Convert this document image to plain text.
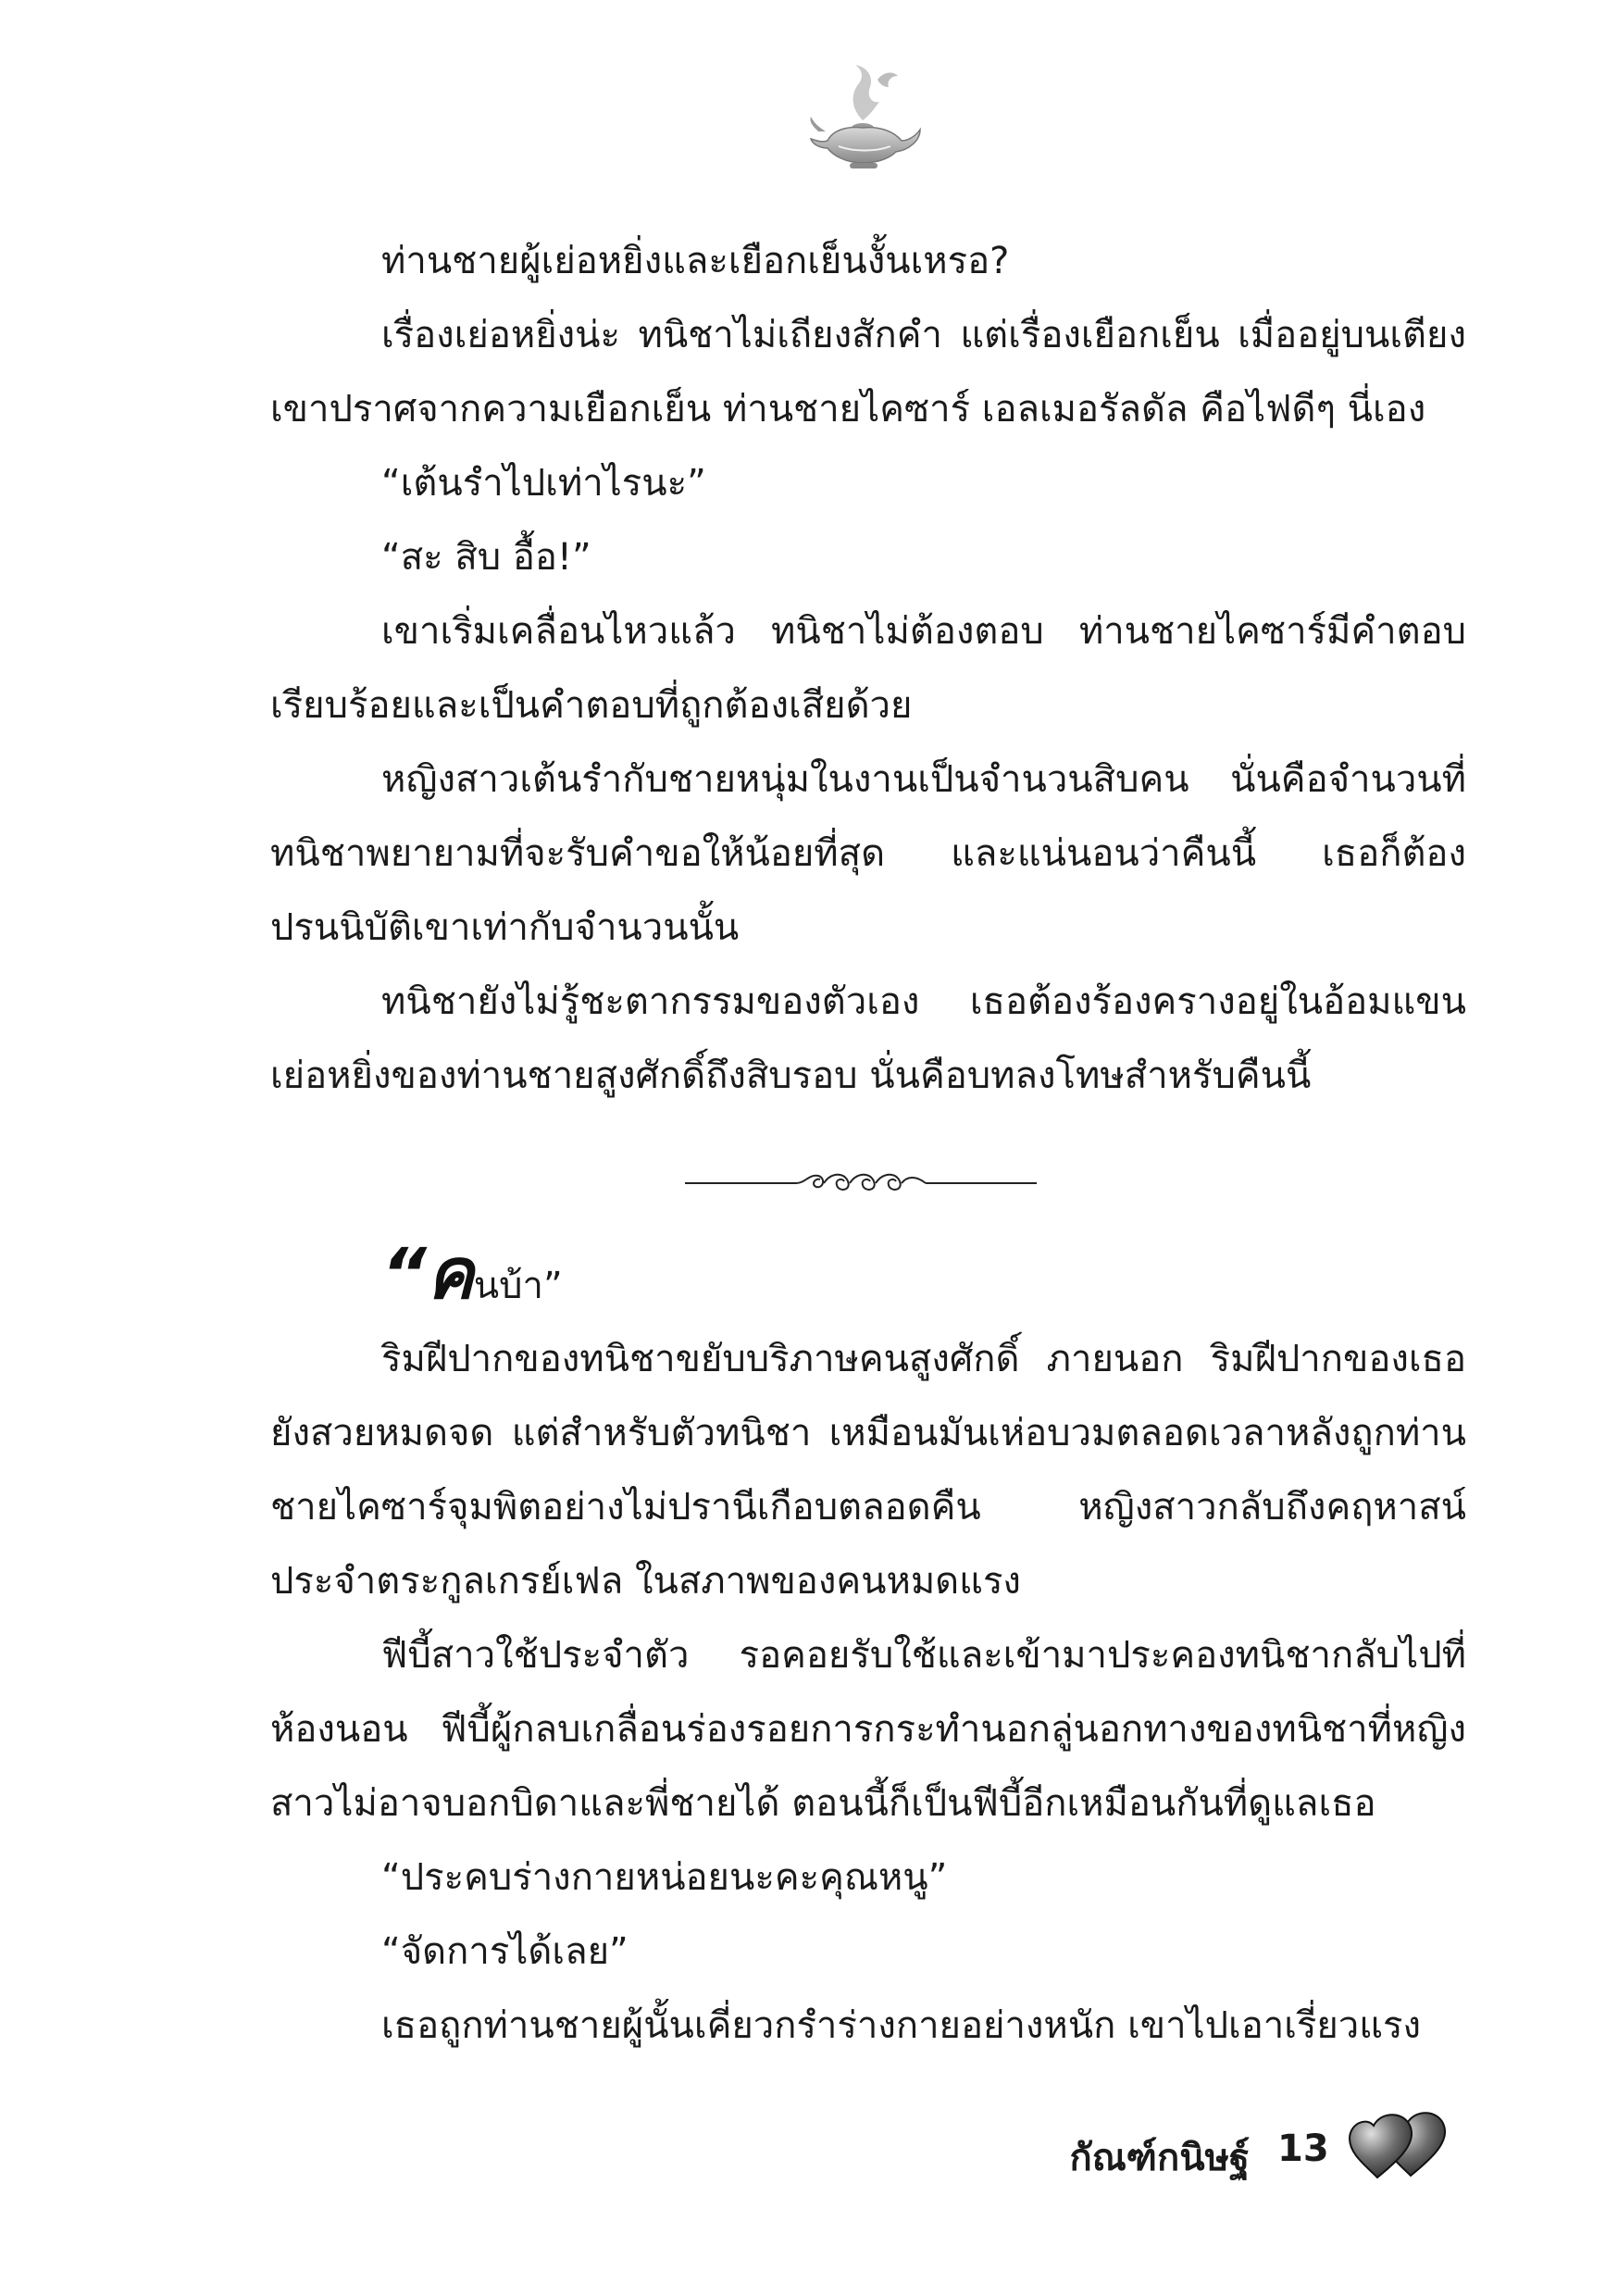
ท่านชายผู้เย่อหยิ่งและเยือกเย็นงั้นเหรอ?

เรื่องเย่อหยิ่งน่ะ ทนิชาไม่เถียงสักคำ แต่เรื่องเยือกเย็น เมื่ออยู่บนเตียง เขาปราศจากความเยือกเย็น ท่านชายไคซาร์ เอลเมอรัลดัล คือไฟดีๆ นี่เอง

“เต้นรำไปเท่าไรนะ”

“สะ สิบ อื้อ!”

เขาเริ่มเคลื่อนไหวแล้ว ทนิชาไม่ต้องตอบ ท่านชายไคซาร์มีคำตอบเรียบร้อยและเป็นคำตอบที่ถูกต้องเสียด้วย

หญิงสาวเต้นรำกับชายหนุ่มในงานเป็นจำนวนสิบคน นั่นคือจำนวนที่ทนิชาพยายามที่จะรับคำขอให้น้อยที่สุด และแน่นอนว่าคืนนี้ เธอก็ต้องปรนนิบัติเขาเท่ากับจำนวนนั้น

ทนิชายังไม่รู้ชะตากรรมของตัวเอง เธอต้องร้องครางอยู่ในอ้อมแขนเย่อหยิ่งของท่านชายสูงศักดิ์ถึงสิบรอบ นั่นคือบทลงโทษสำหรับคืนนี้

“ค นบ้า”

ริมฝีปากของทนิชาขยับบริภาษคนสูงศักดิ์ ภายนอก ริมฝีปากของเธอยังสวยหมดจด แต่สำหรับตัวทนิชา เหมือนมันเห่อบวมตลอดเวลาหลังถูกท่านชายไคซาร์จุมพิตอย่างไม่ปรานีเกือบตลอดคืน หญิงสาวกลับถึงคฤหาสน์ประจำตระกูลเกรย์เฟล ในสภาพของคนหมดแรง

ฟีบี้สาวใช้ประจำตัว รอคอยรับใช้และเข้ามาประคองทนิชากลับไปที่ห้องนอน ฟีบี้ผู้กลบเกลื่อนร่องรอยการกระทำนอกลู่นอกทางของทนิชาที่หญิงสาวไม่อาจบอกบิดาและพี่ชายได้ ตอนนี้ก็เป็นฟีบี้อีกเหมือนกันที่ดูแลเธอ

“ประคบร่างกายหน่อยนะคะคุณหนู”

“จัดการได้เลย”

เธอถูกท่านชายผู้นั้นเคี่ยวกรำร่างกายอย่างหนัก เขาไปเอาเรี่ยวแรง

กัณฑ์กนิษฐ์ 13
